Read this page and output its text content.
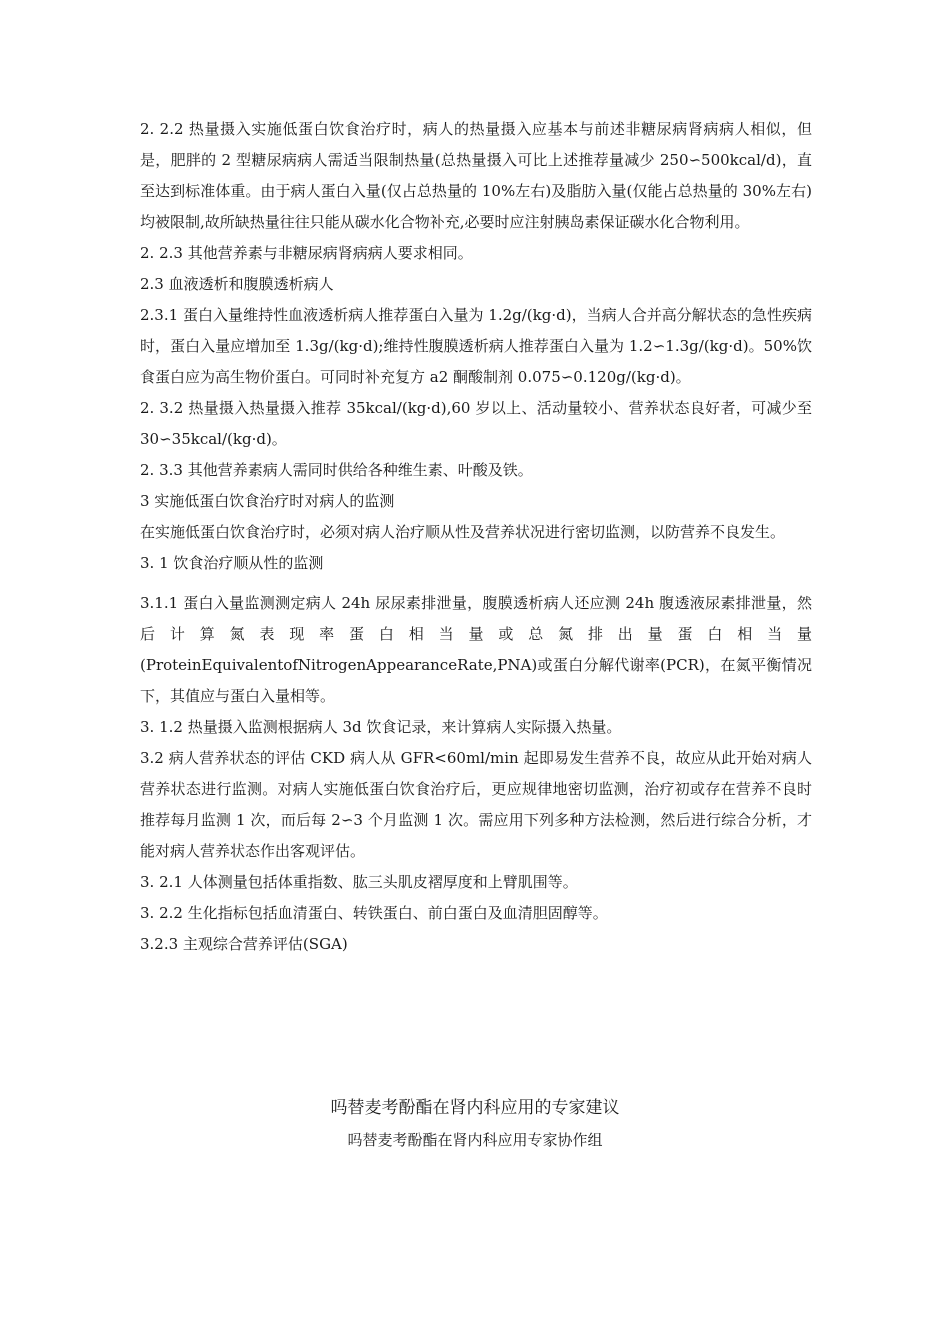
2. 2.2 热量摄入实施低蛋白饮食治疗时，病人的热量摄入应基本与前述非糖尿病肾病病人相似，但是，肥胖的 2 型糖尿病病人需适当限制热量(总热量摄入可比上述推荐量减少 250∽500kcal/d)，直至达到标准体重。由于病人蛋白入量(仅占总热量的 10%左右)及脂肪入量(仅能占总热量的 30%左右)均被限制,故所缺热量往往只能从碳水化合物补充,必要时应注射胰岛素保证碳水化合物利用。

2. 2.3 其他营养素与非糖尿病肾病病人要求相同。

2.3 血液透析和腹膜透析病人

2.3.1 蛋白入量维持性血液透析病人推荐蛋白入量为 1.2g/(kg·d)，当病人合并高分解状态的急性疾病时，蛋白入量应增加至 1.3g/(kg·d);维持性腹膜透析病人推荐蛋白入量为 1.2∽1.3g/(kg·d)。50%饮食蛋白应为高生物价蛋白。可同时补充复方 a2 酮酸制剂 0.075∽0.120g/(kg·d)。

2. 3.2 热量摄入热量摄入推荐 35kcal/(kg·d),60 岁以上、活动量较小、营养状态良好者，可减少至 30∽35kcal/(kg·d)。

2. 3.3 其他营养素病人需同时供给各种维生素、叶酸及铁。

3 实施低蛋白饮食治疗时对病人的监测

在实施低蛋白饮食治疗时，必须对病人治疗顺从性及营养状况进行密切监测，以防营养不良发生。

3. 1 饮食治疗顺从性的监测

3.1.1 蛋白入量监测测定病人 24h 尿尿素排泄量，腹膜透析病人还应测 24h 腹透液尿素排泄量，然后计算氮表现率蛋白相当量或总氮排出量蛋白相当量(ProteinEquivalentofNitrogenAppearanceRate,PNA)或蛋白分解代谢率(PCR)，在氮平衡情况下，其值应与蛋白入量相等。

3. 1.2 热量摄入监测根据病人 3d 饮食记录，来计算病人实际摄入热量。

3.2 病人营养状态的评估 CKD 病人从 GFR<60ml/min 起即易发生营养不良，故应从此开始对病人营养状态进行监测。对病人实施低蛋白饮食治疗后，更应规律地密切监测，治疗初或存在营养不良时推荐每月监测 1 次，而后每 2∽3 个月监测 1 次。需应用下列多种方法检测，然后进行综合分析，才能对病人营养状态作出客观评估。

3. 2.1 人体测量包括体重指数、肱三头肌皮褶厚度和上臂肌围等。

3. 2.2 生化指标包括血清蛋白、转铁蛋白、前白蛋白及血清胆固醇等。

3.2.3 主观综合营养评估(SGA)

吗替麦考酚酯在肾内科应用的专家建议
吗替麦考酚酯在肾内科应用专家协作组
